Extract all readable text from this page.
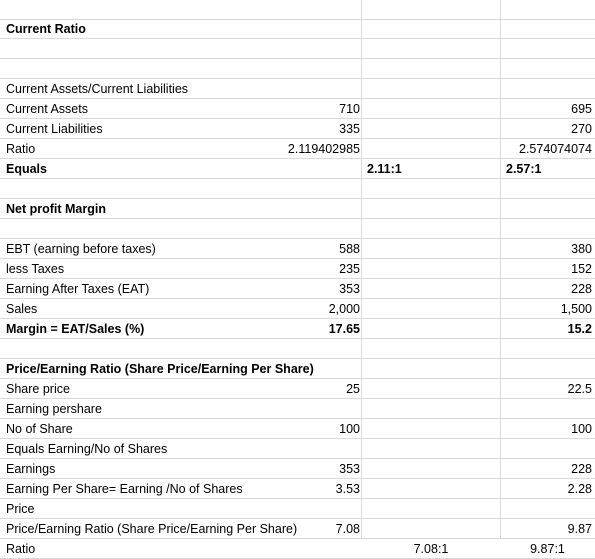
Current Ratio
Current Assets/Current Liabilities
Current Assets	710	695
Current Liabilities	335	270
Ratio	2.119402985	2.574074074
Equals	2.11:1	2.57:1
Net profit Margin
EBT (earning before taxes)	588	380
less Taxes	235	152
Earning After Taxes (EAT)	353	228
Sales	2,000	1,500
Margin = EAT/Sales (%)	17.65	15.2
Price/Earning Ratio (Share Price/Earning Per Share)
Share price	25	22.5
Earning pershare
No of Share	100	100
Equals Earning/No of Shares
Earnings	353	228
Earning Per Share= Earning /No of Shares	3.53	2.28
Price
Price/Earning Ratio (Share Price/Earning Per Share)	7.08	9.87
Ratio	7.08:1	9.87:1
